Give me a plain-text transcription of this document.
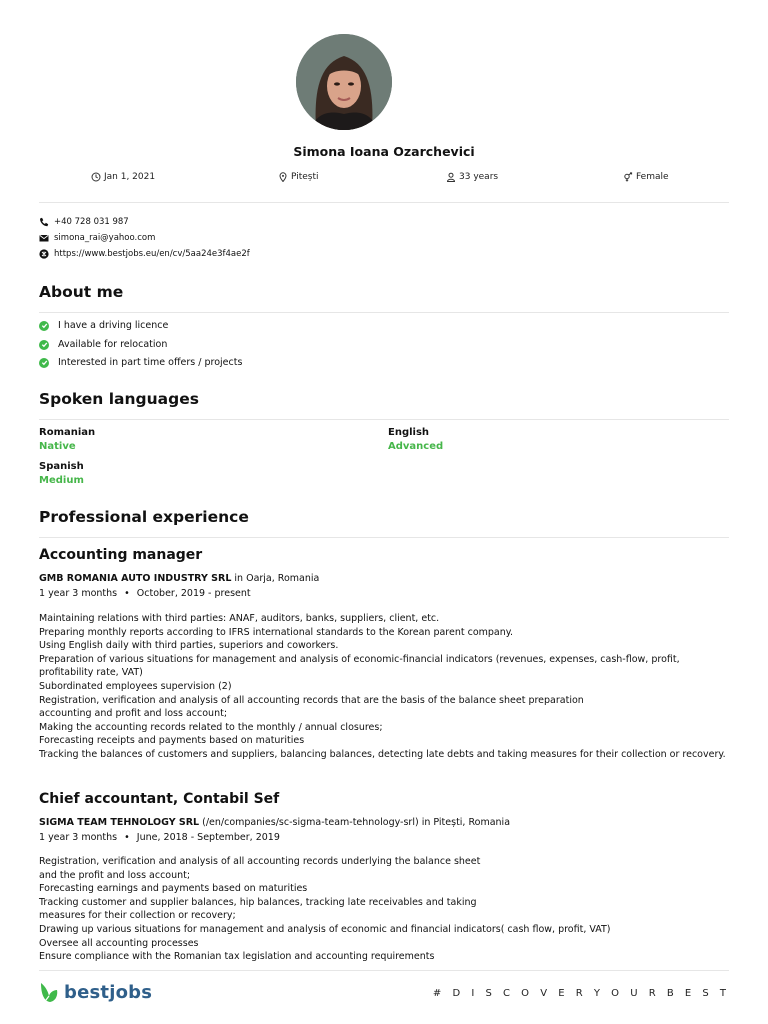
Simona Ioana Ozarchevici
Jan 1, 2021	Pitești	33 years	Female
+40 728 031 987
simona_rai@yahoo.com
https://www.bestjobs.eu/en/cv/5aa24e3f4ae2f
About me
I have a driving licence
Available for relocation
Interested in part time offers / projects
Spoken languages
Romanian
Native
English
Advanced
Spanish
Medium
Professional experience
Accounting manager
GMB ROMANIA AUTO INDUSTRY SRL in Oarja, Romania
1 year 3 months • October, 2019 - present
Maintaining relations with third parties: ANAF, auditors, banks, suppliers, client, etc.
Preparing monthly reports according to IFRS international standards to the Korean parent company.
Using English daily with third parties, superiors and coworkers.
Preparation of various situations for management and analysis of economic-financial indicators (revenues, expenses, cash-flow, profit, profitability rate, VAT)
Subordinated employees supervision (2)
Registration, verification and analysis of all accounting records that are the basis of the balance sheet preparation
accounting and profit and loss account;
Making the accounting records related to the monthly / annual closures;
Forecasting receipts and payments based on maturities
Tracking the balances of customers and suppliers, balancing balances, detecting late debts and taking measures for their collection or recovery.
Chief accountant, Contabil Sef
SIGMA TEAM TEHNOLOGY SRL (/en/companies/sc-sigma-team-tehnology-srl) in Pitești, Romania
1 year 3 months • June, 2018 - September, 2019
Registration, verification and analysis of all accounting records underlying the balance sheet
and the profit and loss account;
Forecasting earnings and payments based on maturities
Tracking customer and supplier balances, hip balances, tracking late receivables and taking
measures for their collection or recovery;
Drawing up various situations for management and analysis of economic and financial indicators( cash flow, profit, VAT)
Oversee all accounting processes
Ensure compliance with the Romanian tax legislation and accounting requirements
bestjobs	# D I S C O V E R Y O U R B E S T
